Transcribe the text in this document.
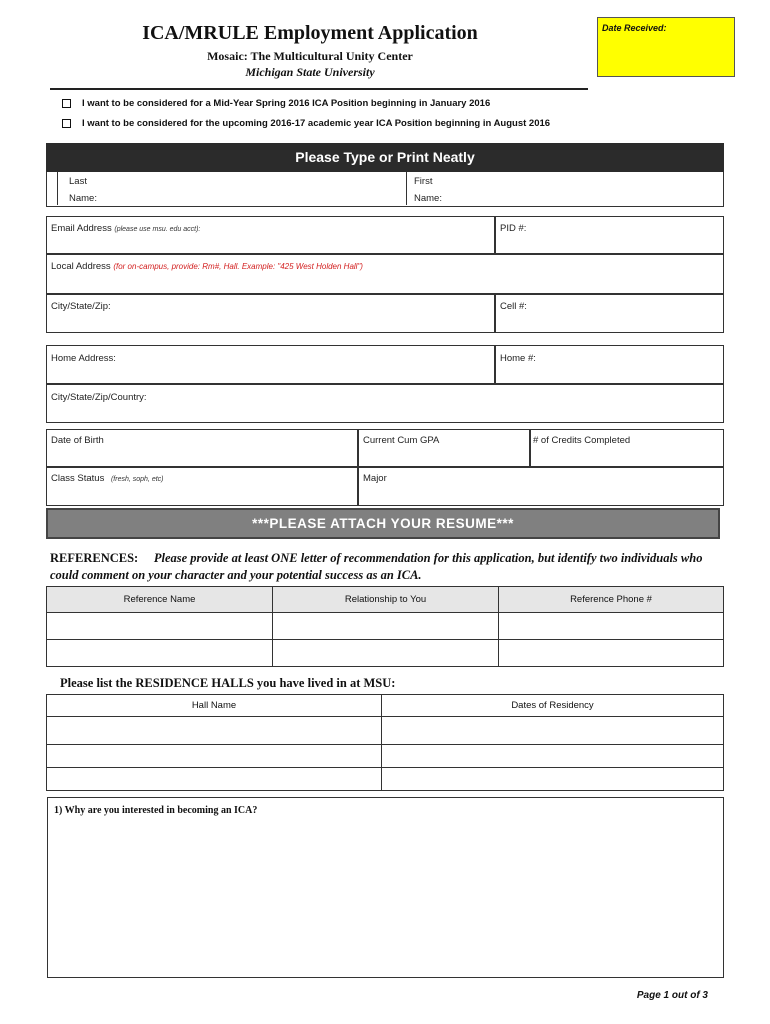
ICA/MRULE Employment Application
Mosaic: The Multicultural Unity Center
Michigan State University
Date Received:
I want to be considered for a Mid-Year Spring 2016 ICA Position beginning in January 2016
I want to be considered for the upcoming 2016-17 academic year ICA Position beginning in August 2016
Please Type or Print Neatly
Last
Name:
First
Name:
Email Address (please use msu. edu acct):	PID #:
Local Address (for on-campus, provide: Rm#, Hall. Example: "425 West Holden Hall")
City/State/Zip:	Cell #:
Home Address:	Home #:
City/State/Zip/Country:
Date of Birth	Current Cum GPA	# of Credits Completed
Class Status (fresh, soph, etc)	Major
***PLEASE ATTACH YOUR RESUME***
REFERENCES: Please provide at least ONE letter of recommendation for this application, but identify two individuals who could comment on your character and your potential success as an ICA.
Reference Name	Relationship to You	Reference Phone #
Please list the RESIDENCE HALLS you have lived in at MSU:
Hall Name	Dates of Residency
1) Why are you interested in becoming an ICA?
Page 1 out of 3
